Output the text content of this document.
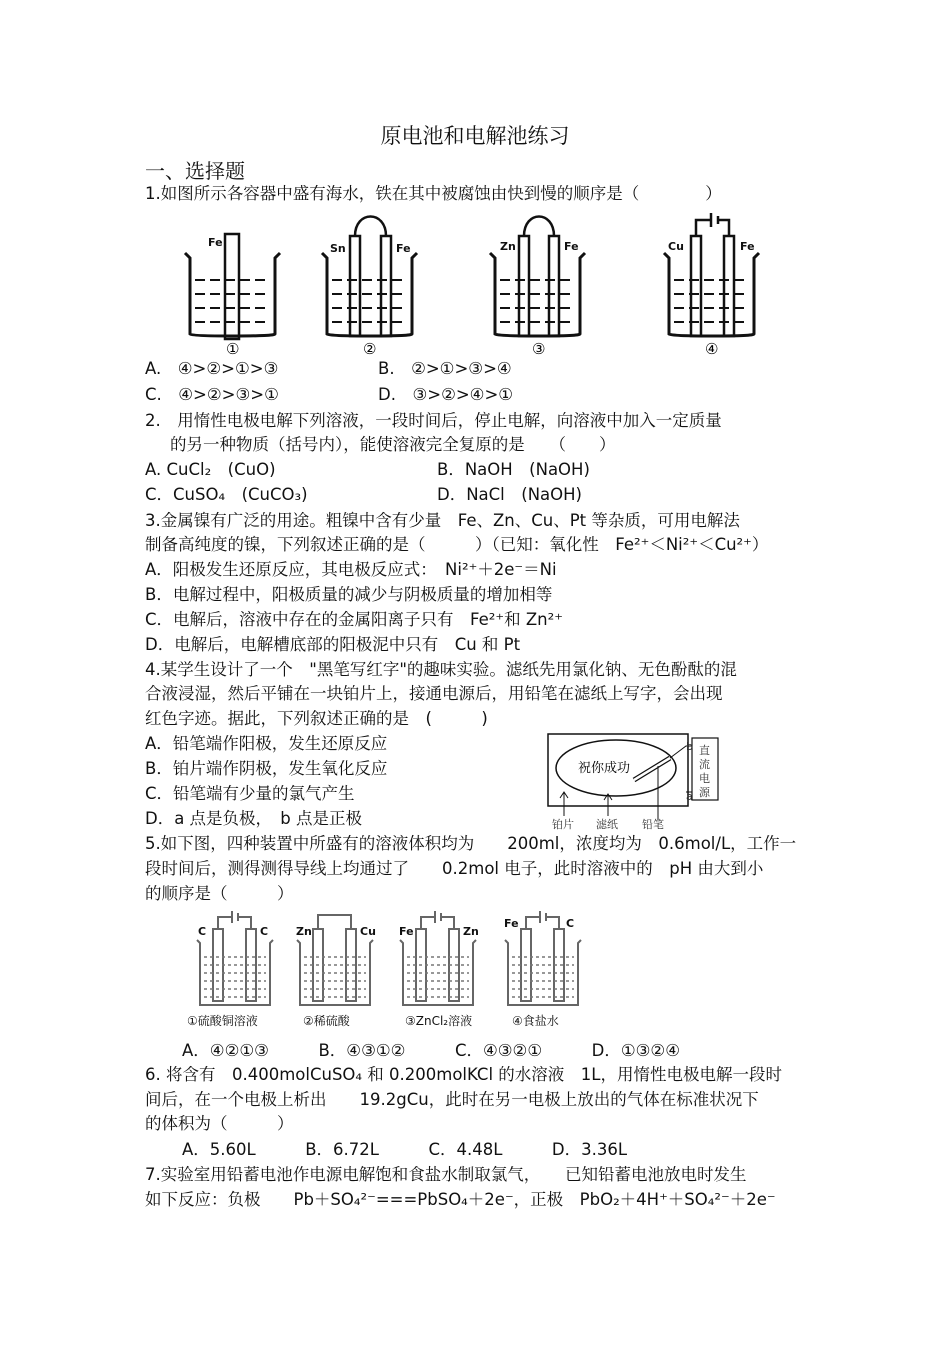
原电池和电解池练习
一、选择题
1.如图所示各容器中盛有海水，铁在其中被腐蚀由快到慢的顺序是（　　　　）
Fe	Sn	Fe	Zn	Fe	Cu	Fe
①	②	③	④
A.　④>②>①>③	B.　②>①>③>④
C.　④>②>③>①	D.　③>②>④>①
2.　用惰性电极电解下列溶液，一段时间后，停止电解，向溶液中加入一定质量
的另一种物质（括号内），能使溶液完全复原的是　　（　　）
A. CuCl₂　(CuO)	B．NaOH　(NaOH)
C．CuSO₄　(CuCO₃)	D．NaCl　(NaOH)
3.金属镍有广泛的用途。粗镍中含有少量　Fe、Zn、Cu、Pt 等杂质，可用电解法
制备高纯度的镍，下列叙述正确的是（　　　）（已知：氧化性　Fe²⁺＜Ni²⁺＜Cu²⁺）
A．阳极发生还原反应，其电极反应式：　Ni²⁺＋2e⁻＝Ni
B．电解过程中，阳极质量的减少与阴极质量的增加相等
C．电解后，溶液中存在的金属阳离子只有　Fe²⁺和 Zn²⁺
D．电解后，电解槽底部的阳极泥中只有　Cu 和 Pt
4.某学生设计了一个　"黑笔写红字"的趣味实验。滤纸先用氯化钠、无色酚酞的混
合液浸湿，然后平铺在一块铂片上，接通电源后，用铅笔在滤纸上写字，会出现
红色字迹。据此，下列叙述正确的是　(　　　)
A．铅笔端作阳极，发生还原反应
B．铂片端作阴极，发生氧化反应
C．铅笔端有少量的氯气产生
D．a 点是负极，　b 点是正极
祝你成功
直
流
电
源
b
a
铂片 滤纸 铅笔
5.如下图，四种装置中所盛有的溶液体积均为　　200ml，浓度均为　0.6mol/L，工作一
段时间后，测得测得导线上均通过了　　0.2mol 电子，此时溶液中的　pH 由大到小
的顺序是（　　　）
C	C	Zn	Cu Fe	Zn
Fe	C
①硫酸铜溶液	②稀硫酸	③ZnCl₂溶液	④食盐水
A．④②①③　　　B．④③①②　　　C．④③②①　　　D．①③②④
6. 将含有　0.400molCuSO₄ 和 0.200molKCl 的水溶液　1L，用惰性电极电解一段时
间后，在一个电极上析出　　19.2gCu，此时在另一电极上放出的气体在标准状况下
的体积为（　　　）
A．5.60L　　　B．6.72L　　　C．4.48L　　　D．3.36L
7.实验室用铅蓄电池作电源电解饱和食盐水制取氯气，　　已知铅蓄电池放电时发生
如下反应：负极　　Pb＋SO₄²⁻===PbSO₄＋2e⁻，正极　PbO₂＋4H⁺＋SO₄²⁻＋2e⁻
